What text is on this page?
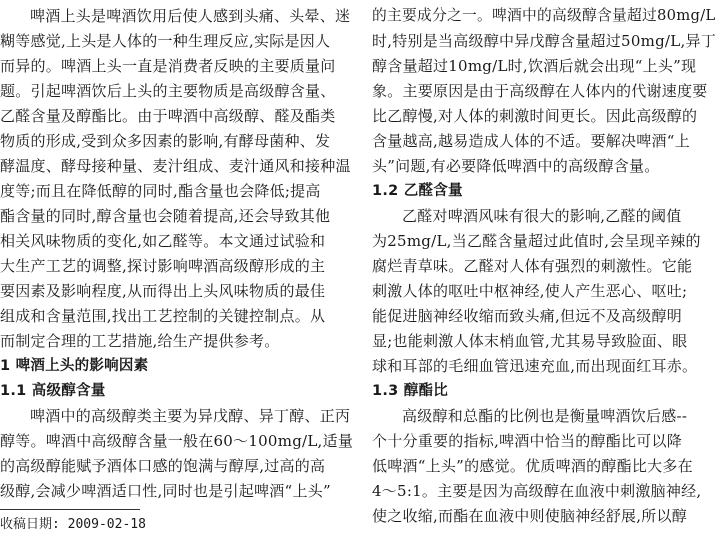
啤酒上头是啤酒饮用后使人感到头痛、头晕、迷
糊等感觉,上头是人体的一种生理反应,实际是因人
而异的。啤酒上头一直是消费者反映的主要质量问
题。引起啤酒饮后上头的主要物质是高级醇含量、
乙醛含量及醇酯比。由于啤酒中高级醇、醛及酯类
物质的形成,受到众多因素的影响,有酵母菌种、发
酵温度、酵母接种量、麦汁组成、麦汁通风和接种温
度等;而且在降低醇的同时,酯含量也会降低;提高
酯含量的同时,醇含量也会随着提高,还会导致其他
相关风味物质的变化,如乙醛等。本文通过试验和
大生产工艺的调整,探讨影响啤酒高级醇形成的主
要因素及影响程度,从而得出上头风味物质的最佳
组成和含量范围,找出工艺控制的关键控制点。从
而制定合理的工艺措施,给生产提供参考。
1 啤酒上头的影响因素
1.1 高级醇含量
啤酒中的高级醇类主要为异戊醇、异丁醇、正丙
醇等。啤酒中高级醇含量一般在60～100mg/L,适量
的高级醇能赋予酒体口感的饱满与醇厚,过高的高
级醇,会减少啤酒适口性,同时也是引起啤酒“上头”
收稿日期: 2009-02-18
的主要成分之一。啤酒中的高级醇含量超过80mg/L
时,特别是当高级醇中异戊醇含量超过50mg/L,异丁
醇含量超过10mg/L时,饮酒后就会出现“上头”现
象。主要原因是由于高级醇在人体内的代谢速度要
比乙醇慢,对人体的刺激时间更长。因此高级醇的
含量越高,越易造成人体的不适。要解决啤酒“上
头”问题,有必要降低啤酒中的高级醇含量。
1.2 乙醛含量
乙醛对啤酒风味有很大的影响,乙醛的阈值
为25mg/L,当乙醛含量超过此值时,会呈现辛辣的
腐烂青草味。乙醛对人体有强烈的刺激性。它能
刺激人体的呕吐中枢神经,使人产生恶心、呕吐;
能促进脑神经收缩而致头痛,但远不及高级醇明
显;也能刺激人体末梢血管,尤其易导致脸面、眼
球和耳部的毛细血管迅速充血,而出现面红耳赤。
1.3 醇酯比
高级醇和总酯的比例也是衡量啤酒饮后感--
个十分重要的指标,啤酒中恰当的醇酯比可以降
低啤酒“上头”的感觉。优质啤酒的醇酯比大多在
4～5:1。主要是因为高级醇在血液中刺激脑神经,
使之收缩,而酯在血液中则使脑神经舒展,所以醇
